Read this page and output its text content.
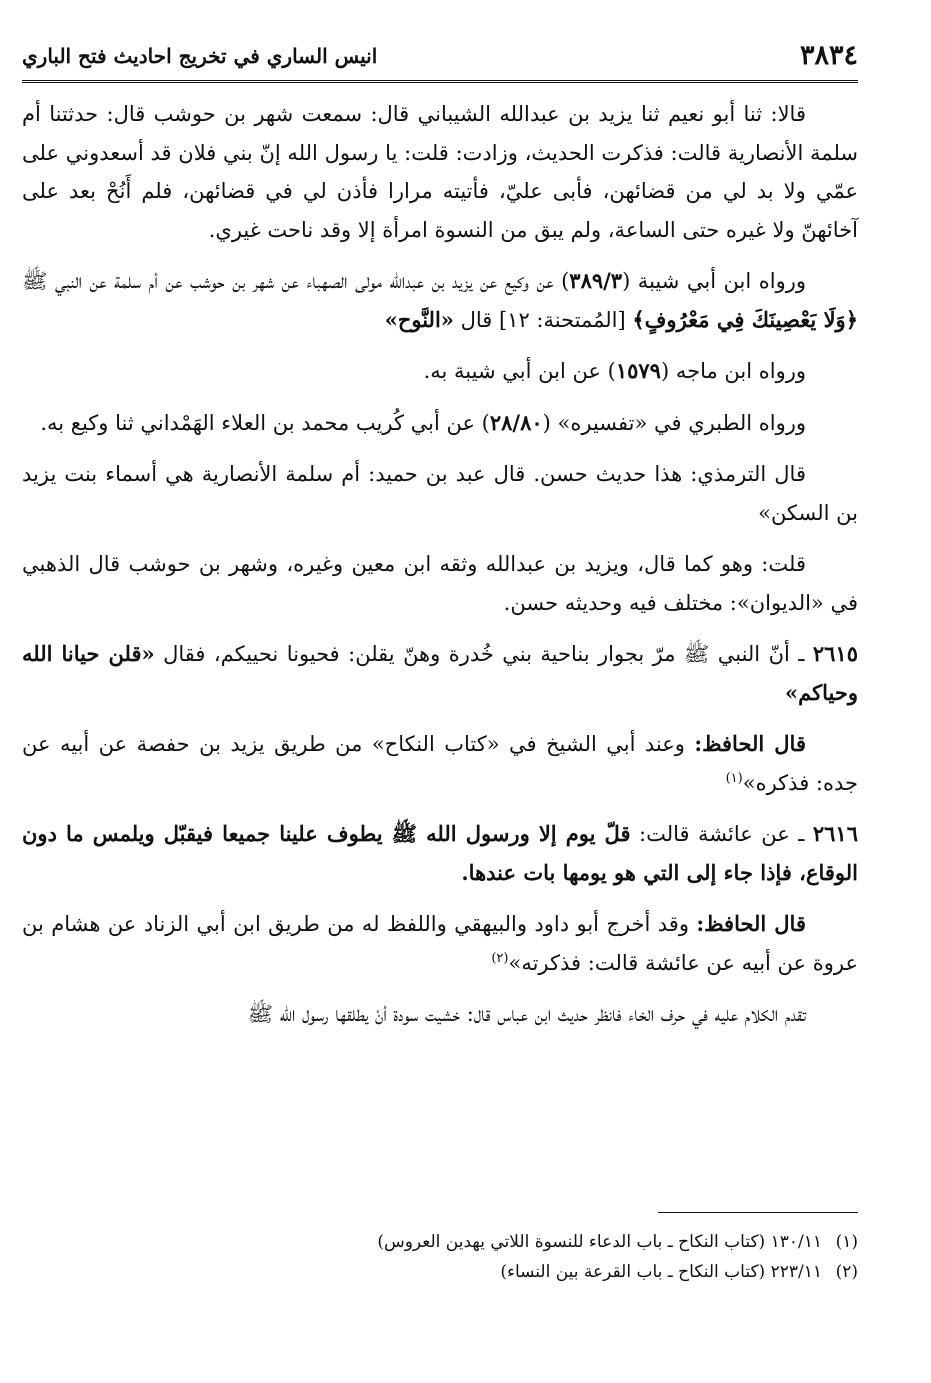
٣٨٣٤
انيس الساري في تخريج احاديث فتح الباري

قالا: ثنا أبو نعيم ثنا يزيد بن عبدالله الشيباني قال: سمعت شهر بن حوشب قال: حدثتنا أم سلمة الأنصارية قالت: فذكرت الحديث، وزادت: قلت: يا رسول الله إنّ بني فلان قد أسعدوني على عمّي ولا بد لي من قضائهن، فأبى عليّ، فأتيته مرارا فأذن لي في قضائهن، فلم أَنُحْ بعد على آخائهنّ ولا غيره حتى الساعة، ولم يبق من النسوة امرأة إلا وقد ناحت غيري.

ورواه ابن أبي شيبة (٣٨٩/٣) عن وكيع عن يزيد بن عبدالله مولى الصهباء عن شهر بن حوشب عن أم سلمة عن النبي ﷺ ﴿وَلَا يَعْصِينَكَ فِي مَعْرُوفٍ﴾ [المُمتحنة: ١٢] قال «النَّوح»

ورواه ابن ماجه (١٥٧٩) عن ابن أبي شيبة به.

ورواه الطبري في «تفسيره» (٢٨/٨٠) عن أبي كُريب محمد بن العلاء الهَمْداني ثنا وكيع به.

قال الترمذي: هذا حديث حسن. قال عبد بن حميد: أم سلمة الأنصارية هي أسماء بنت يزيد بن السكن»

قلت: وهو كما قال، ويزيد بن عبدالله وثقه ابن معين وغيره، وشهر بن حوشب قال الذهبي في «الديوان»: مختلف فيه وحديثه حسن.

٢٦١٥ ـ أنّ النبي ﷺ مرّ بجوار بناحية بني خُدرة وهنّ يقلن: فحيونا نحييكم، فقال «قلن حيانا الله وحياكم»

قال الحافظ: وعند أبي الشيخ في «كتاب النكاح» من طريق يزيد بن حفصة عن أبيه عن جده: فذكره»$^{(١)}$

٢٦١٦ ـ عن عائشة قالت: قلّ يوم إلا ورسول الله ﷺ يطوف علينا جميعا فيقبّل ويلمس ما دون الوقاع، فإذا جاء إلى التي هو يومها بات عندها.

قال الحافظ: وقد أخرج أبو داود والبيهقي واللفظ له من طريق ابن أبي الزناد عن هشام بن عروة عن أبيه عن عائشة قالت: فذكرته»$^{(٢)}$

تقدم الكلام عليه في حرف الخاء فانظر حديث ابن عباس قال: خشيت سودة أنْ يطلقها رسول الله ﷺ

(١)١٣٠/١١ (كتاب النكاح ـ باب الدعاء للنسوة اللاتي يهدين العروس)
(٢)٢٢٣/١١ (كتاب النكاح ـ باب القرعة بين النساء)
